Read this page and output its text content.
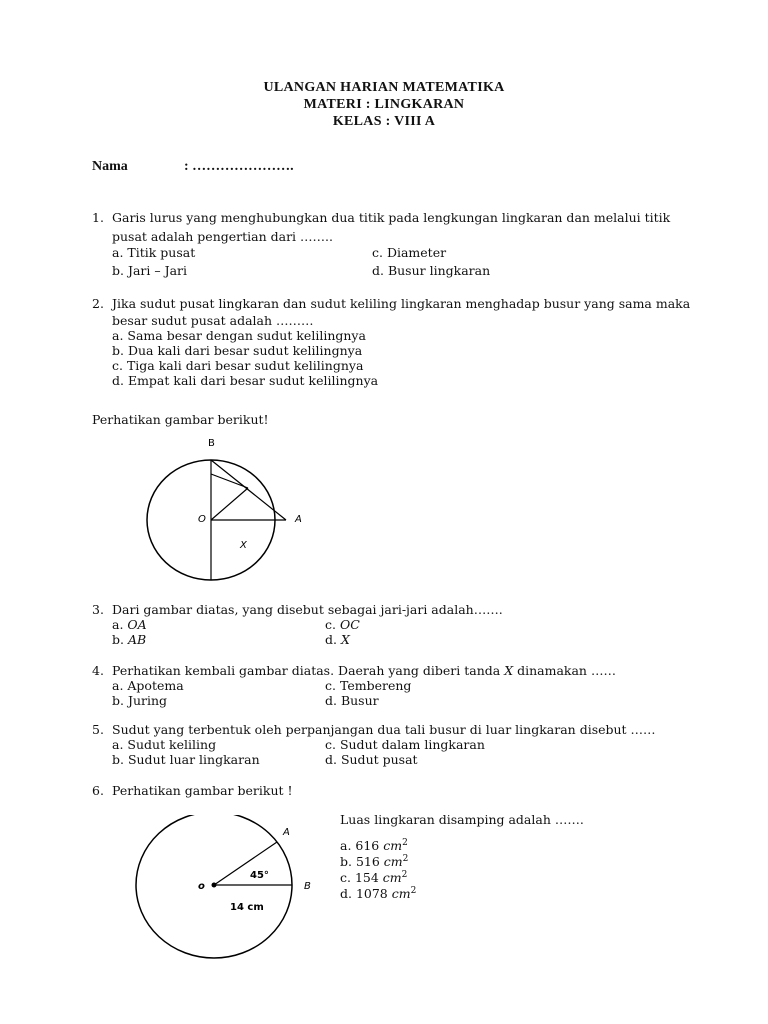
ULANGAN HARIAN MATEMATIKA
MATERI : LINGKARAN
KELAS : VIII A
Nama	: ………………….
1. Garis lurus yang menghubungkan dua titik pada lengkungan lingkaran dan melalui titik
pusat adalah pengertian dari ……..
a. Titik pusat
b. Jari – Jari
c. Diameter
d. Busur lingkaran
2. Jika sudut pusat lingkaran dan sudut keliling lingkaran menghadap busur yang sama maka
besar sudut pusat adalah ………
a. Sama besar dengan sudut kelilingnya
b. Dua kali dari besar sudut kelilingnya
c. Tiga kali dari besar sudut kelilingnya
d. Empat kali dari besar sudut kelilingnya
Perhatikan gambar berikut!
B
O	A
X
3. Dari gambar diatas, yang disebut sebagai jari-jari adalah…….
a. OA
b. AB
c. OC
d. X
4. Perhatikan kembali gambar diatas. Daerah yang diberi tanda X dinamakan ……
a. Apotema
b. Juring
c. Tembereng
d. Busur
5. Sudut yang terbentuk oleh perpanjangan dua tali busur di luar lingkaran disebut ……
a. Sudut keliling
b. Sudut luar lingkaran
c. Sudut dalam lingkaran
d. Sudut pusat
6. Perhatikan gambar berikut !
Luas lingkaran disamping adalah …….
a. 616 $cm^2$
b. 516 $cm^2$
c. 154 $cm^2$
d. 1078 $cm^2$
A
o	B
45°
14 cm
